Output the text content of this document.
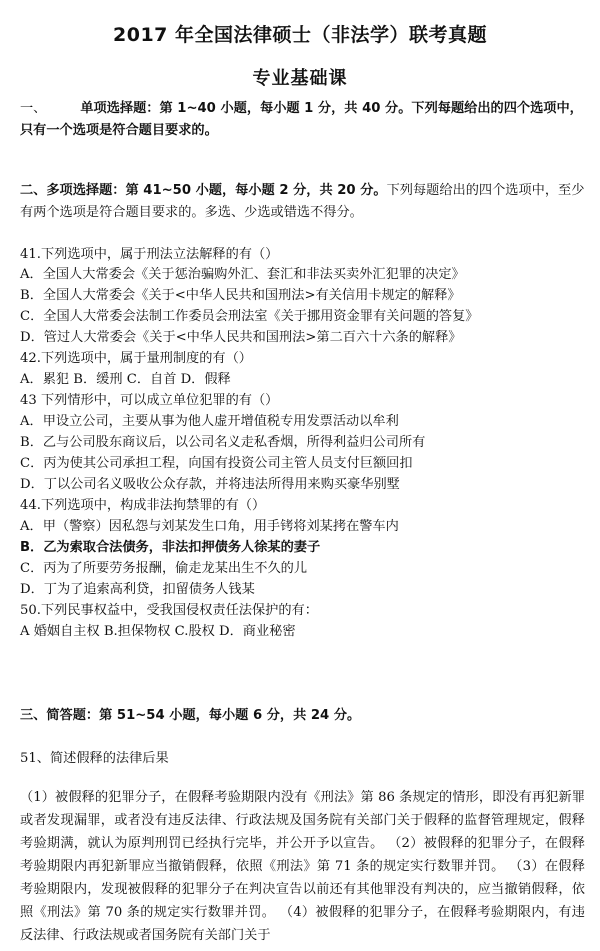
2017 年全国法律硕士（非法学）联考真题
专业基础课
一、	单项选择题：第 1~40 小题，每小题 1 分，共 40 分。下列每题给出的四个选项中，只有一个选项是符合题目要求的。
二、多项选择题：第 41~50 小题，每小题 2 分，共 20 分。下列每题给出的四个选项中，至少有两个选项是符合题目要求的。多选、少选或错选不得分。
41.下列选项中，属于刑法立法解释的有（）
A．全国人大常委会《关于惩治骗购外汇、套汇和非法买卖外汇犯罪的决定》
B．全国人大常委会《关于<中华人民共和国刑法>有关信用卡规定的解释》
C．全国人大常委会法制工作委员会刑法室《关于挪用资金罪有关问题的答复》
D．管过人大常委会《关于<中华人民共和国刑法>第二百六十六条的解释》
42.下列选项中，属于量刑制度的有（）
A．累犯 B．缓刑 C．自首 D．假释
43 下列情形中，可以成立单位犯罪的有（）
A．甲设立公司，主要从事为他人虚开增值税专用发票活动以牟利
B．乙与公司股东商议后，以公司名义走私香烟，所得利益归公司所有
C．丙为使其公司承担工程，向国有投资公司主管人员支付巨额回扣
D．丁以公司名义吸收公众存款，并将违法所得用来购买豪华别墅
44.下列选项中，构成非法拘禁罪的有（）
A．甲（警察）因私怨与刘某发生口角，用手铐将刘某拷在警车内
B．乙为索取合法债务，非法扣押债务人徐某的妻子
C．丙为了所要劳务报酬，偷走龙某出生不久的儿
D．丁为了追索高利贷，扣留债务人钱某
50.下列民事权益中，受我国侵权责任法保护的有：
A 婚姻自主权 B.担保物权 C.股权 D．商业秘密
三、简答题：第 51~54 小题，每小题 6 分，共 24 分。
51、简述假释的法律后果
（1）被假释的犯罪分子，在假释考验期限内没有《刑法》第 86 条规定的情形，即没有再犯新罪或者发现漏罪，或者没有违反法律、行政法规及国务院有关部门关于假释的监督管理规定，假释考验期满，就认为原判刑罚已经执行完毕，并公开予以宣告。 （2）被假释的犯罪分子，在假释考验期限内再犯新罪应当撤销假释，依照《刑法》第 71 条的规定实行数罪并罚。 （3）在假释考验期限内，发现被假释的犯罪分子在判决宣告以前还有其他罪没有判决的，应当撤销假释，依照《刑法》第 70 条的规定实行数罪并罚。 （4）被假释的犯罪分子，在假释考验期限内，有违反法律、行政法规或者国务院有关部门关于
